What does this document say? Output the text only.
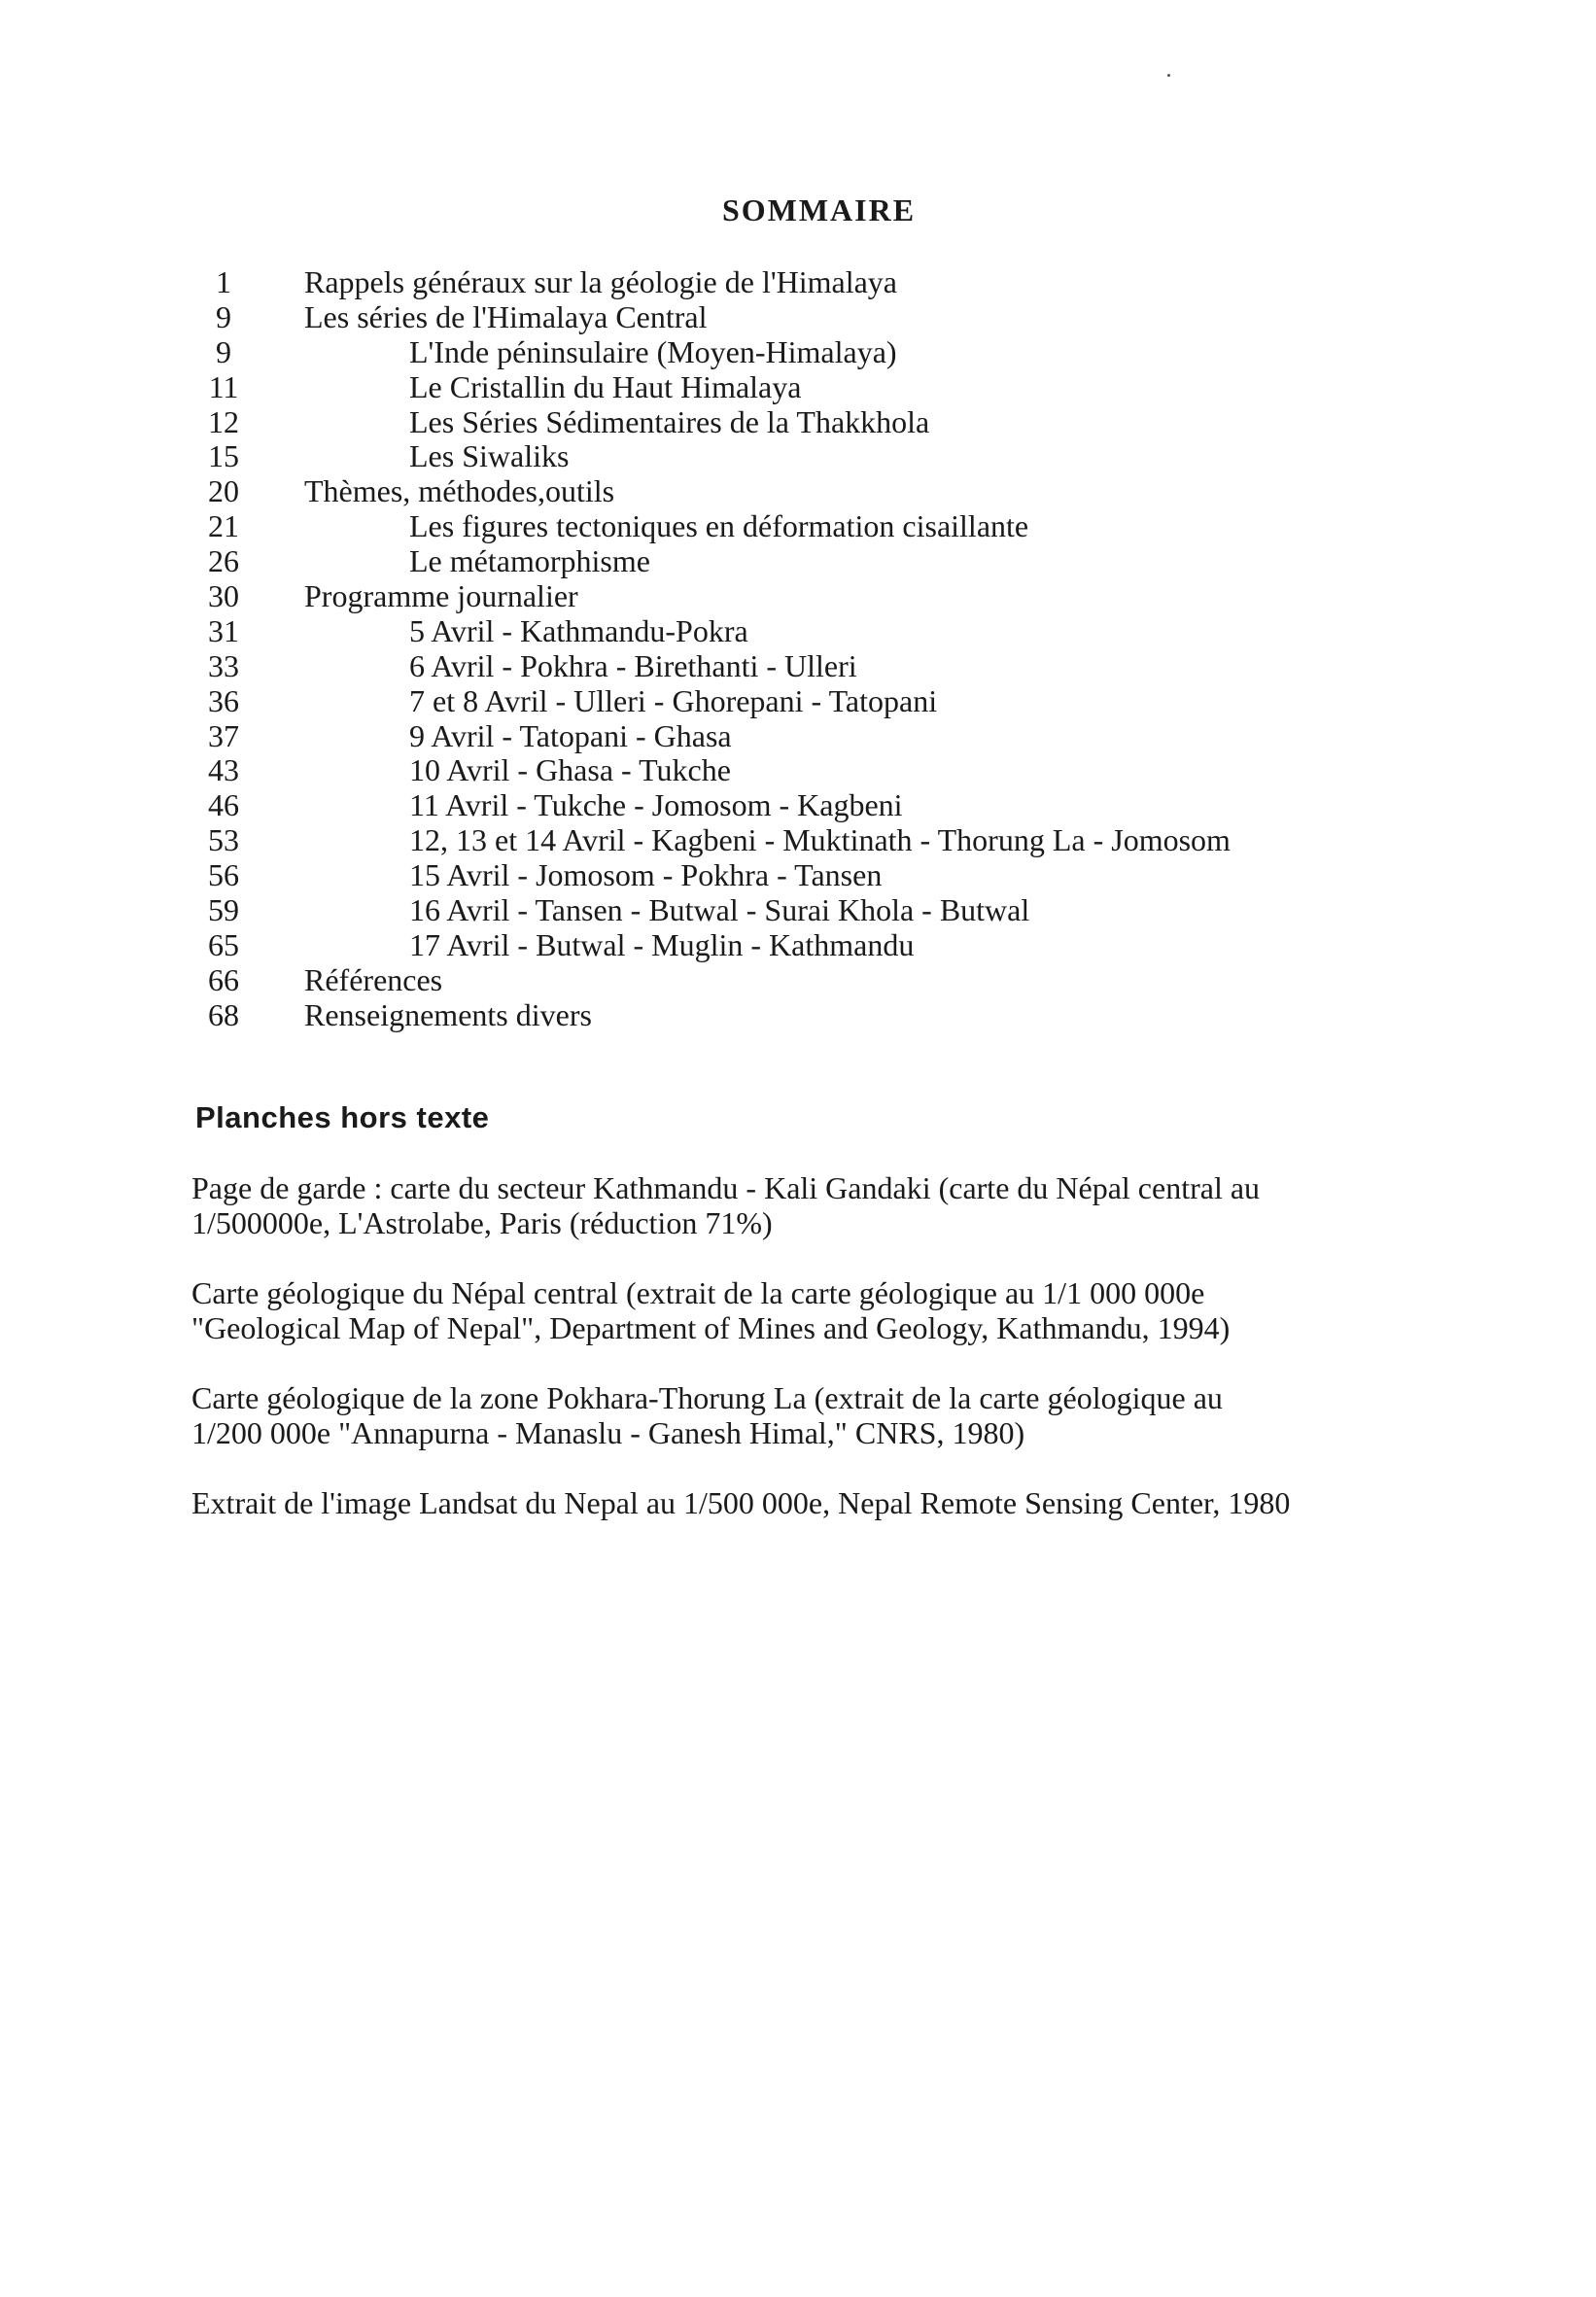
SOMMAIRE
1	Rappels généraux sur la géologie de l'Himalaya
9	Les séries de l'Himalaya Central
9	L'Inde péninsulaire (Moyen-Himalaya)
11	Le Cristallin du Haut Himalaya
12	Les Séries Sédimentaires de la Thakkhola
15	Les Siwaliks
20	Thèmes, méthodes,outils
21	Les figures tectoniques en déformation cisaillante
26	Le métamorphisme
30	Programme journalier
31	5 Avril - Kathmandu-Pokra
33	6 Avril - Pokhra - Birethanti - Ulleri
36	7 et 8 Avril - Ulleri - Ghorepani - Tatopani
37	9 Avril - Tatopani - Ghasa
43	10 Avril - Ghasa - Tukche
46	11 Avril - Tukche - Jomosom - Kagbeni
53	12, 13 et 14 Avril - Kagbeni - Muktinath - Thorung La - Jomosom
56	15 Avril - Jomosom - Pokhra - Tansen
59	16 Avril - Tansen - Butwal - Surai Khola - Butwal
65	17 Avril - Butwal - Muglin - Kathmandu
66	Références
68	Renseignements divers
Planches hors texte
Page de garde : carte du secteur Kathmandu - Kali Gandaki (carte du Népal central au
1/500000e, L'Astrolabe, Paris (réduction 71%)
Carte géologique du Népal central (extrait de la carte géologique au 1/1 000 000e
"Geological Map of Nepal", Department of Mines and Geology, Kathmandu, 1994)
Carte géologique de la zone Pokhara-Thorung La (extrait de la carte géologique au
1/200 000e "Annapurna - Manaslu - Ganesh Himal," CNRS, 1980)
Extrait de l'image Landsat du Nepal au 1/500 000e, Nepal Remote Sensing Center, 1980
